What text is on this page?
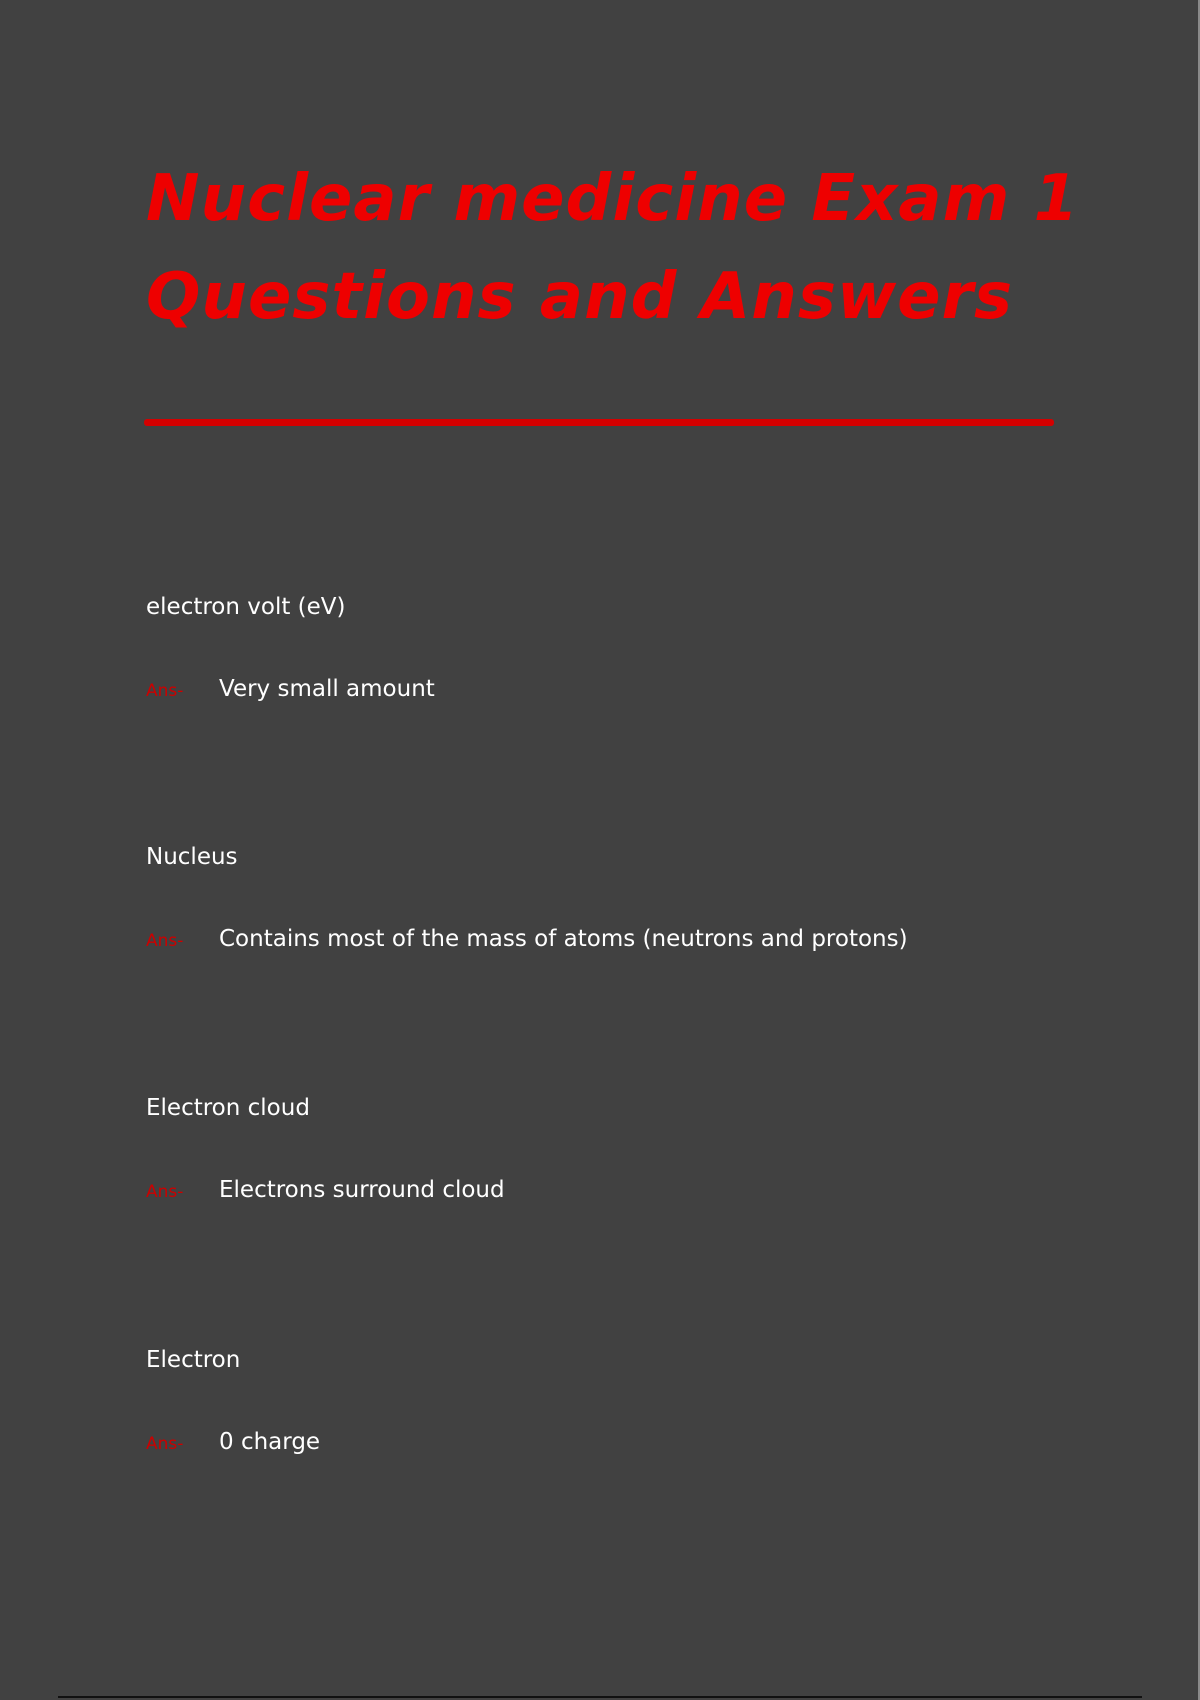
Nuclear medicine Exam 1
Questions and Answers

electron volt (eV)

Ans-	Very small amount

Nucleus

Ans-	Contains most of the mass of atoms (neutrons and protons)

Electron cloud

Ans-	Electrons surround cloud

Electron

Ans-	0 charge
